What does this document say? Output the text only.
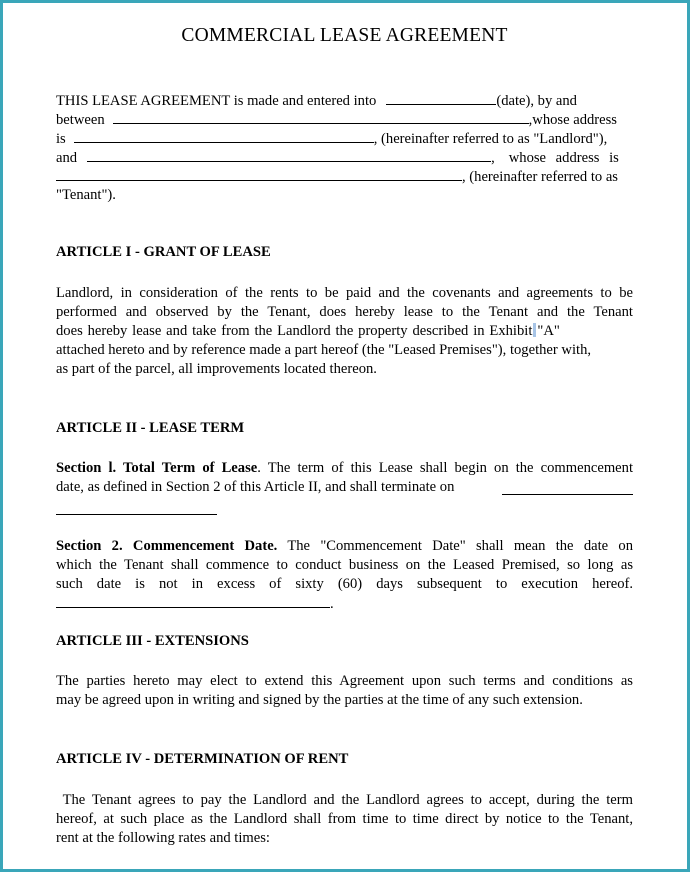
COMMERCIAL LEASE AGREEMENT
THIS LEASE AGREEMENT is made and entered into	(date), by and
between	,whose address
is	, (hereinafter referred to as "Landlord"),
and	, whose address is
, (hereinafter referred to as
"Tenant").
ARTICLE I - GRANT OF LEASE
Landlord, in consideration of the rents to be paid and the covenants and agreements to be
performed and observed by the Tenant, does hereby lease to the Tenant and the Tenant
does hereby lease and take from the Landlord the property described in Exhibit "A"
attached hereto and by reference made a part hereof (the "Leased Premises"), together with,
as part of the parcel, all improvements located thereon.
ARTICLE II - LEASE TERM
Section l. Total Term of Lease. The term of this Lease shall begin on the commencement
date, as defined in Section 2 of this Article II, and shall terminate on
Section 2. Commencement Date. The "Commencement Date" shall mean the date on
which the Tenant shall commence to conduct business on the Leased Premised, so long as
such date is not in excess of sixty (60) days subsequent to execution hereof.
.
ARTICLE III - EXTENSIONS
The parties hereto may elect to extend this Agreement upon such terms and conditions as
may be agreed upon in writing and signed by the parties at the time of any such extension.
ARTICLE IV - DETERMINATION OF RENT
The Tenant agrees to pay the Landlord and the Landlord agrees to accept, during the term
hereof, at such place as the Landlord shall from time to time direct by notice to the Tenant,
rent at the following rates and times:
